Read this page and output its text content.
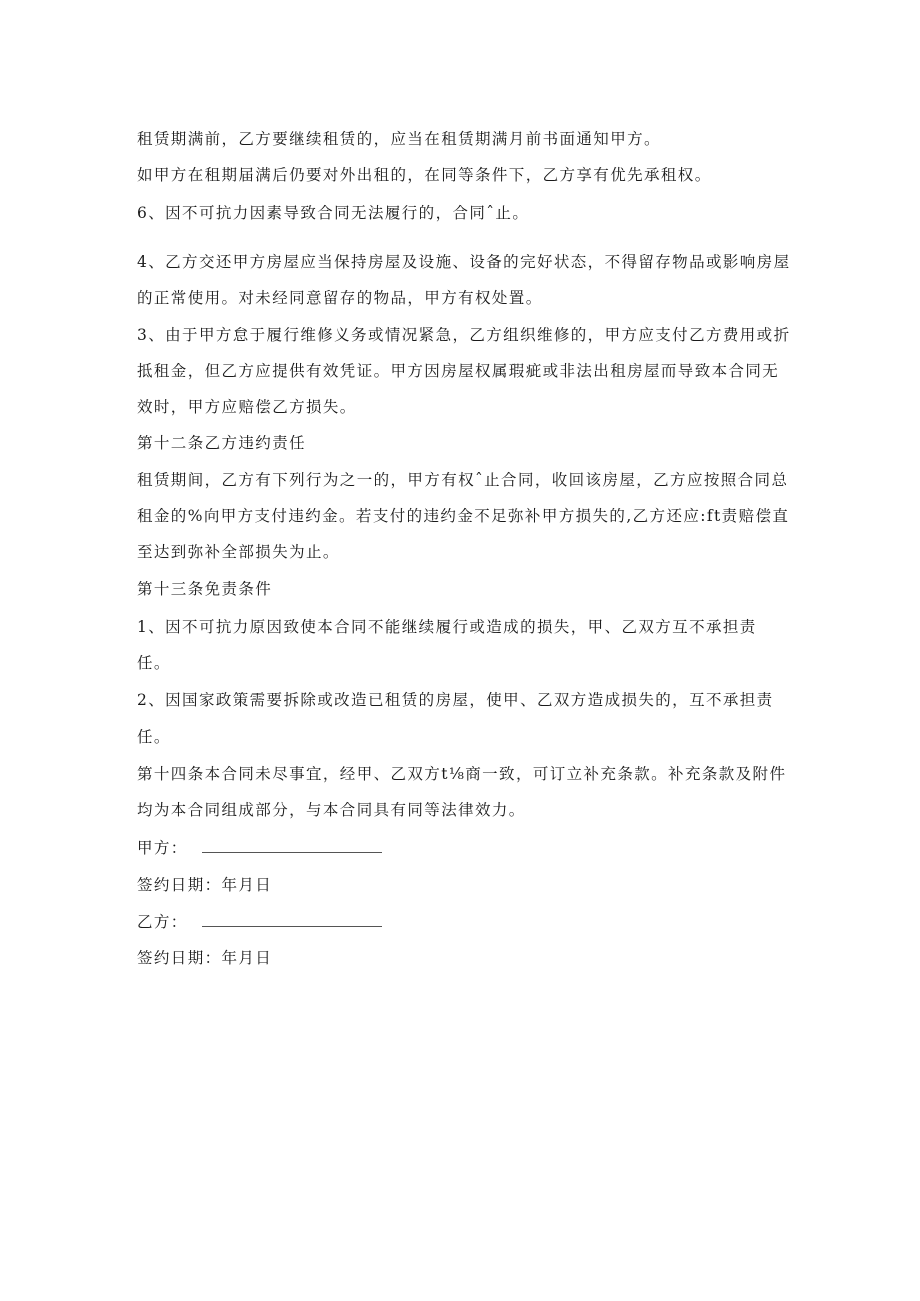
租赁期满前，乙方要继续租赁的，应当在租赁期满月前书面通知甲方。
如甲方在租期届满后仍要对外出租的，在同等条件下，乙方享有优先承租权。
6、因不可抗力因素导致合同无法履行的，合同ˆ止。
4、乙方交还甲方房屋应当保持房屋及设施、设备的完好状态，不得留存物品或影响房屋
的正常使用。对未经同意留存的物品，甲方有权处置。
3、由于甲方怠于履行维修义务或情况紧急，乙方组织维修的，甲方应支付乙方费用或折
抵租金，但乙方应提供有效凭证。甲方因房屋权属瑕疵或非法出租房屋而导致本合同无
效时，甲方应赔偿乙方损失。
第十二条乙方违约责任
租赁期间，乙方有下列行为之一的，甲方有权ˆ止合同，收回该房屋，乙方应按照合同总
租金的%向甲方支付违约金。若支付的违约金不足弥补甲方损失的,乙方还应:ft责赔偿直
至达到弥补全部损失为止。
第十三条免责条件
1、因不可抗力原因致使本合同不能继续履行或造成的损失，甲、乙双方互不承担责
任。
2、因国家政策需要拆除或改造已租赁的房屋，使甲、乙双方造成损失的，互不承担责
任。
第十四条本合同未尽事宜，经甲、乙双方t⅛商一致，可订立补充条款。补充条款及附件
均为本合同组成部分，与本合同具有同等法律效力。
甲方：
签约日期：年月日
乙方：
签约日期：年月日
